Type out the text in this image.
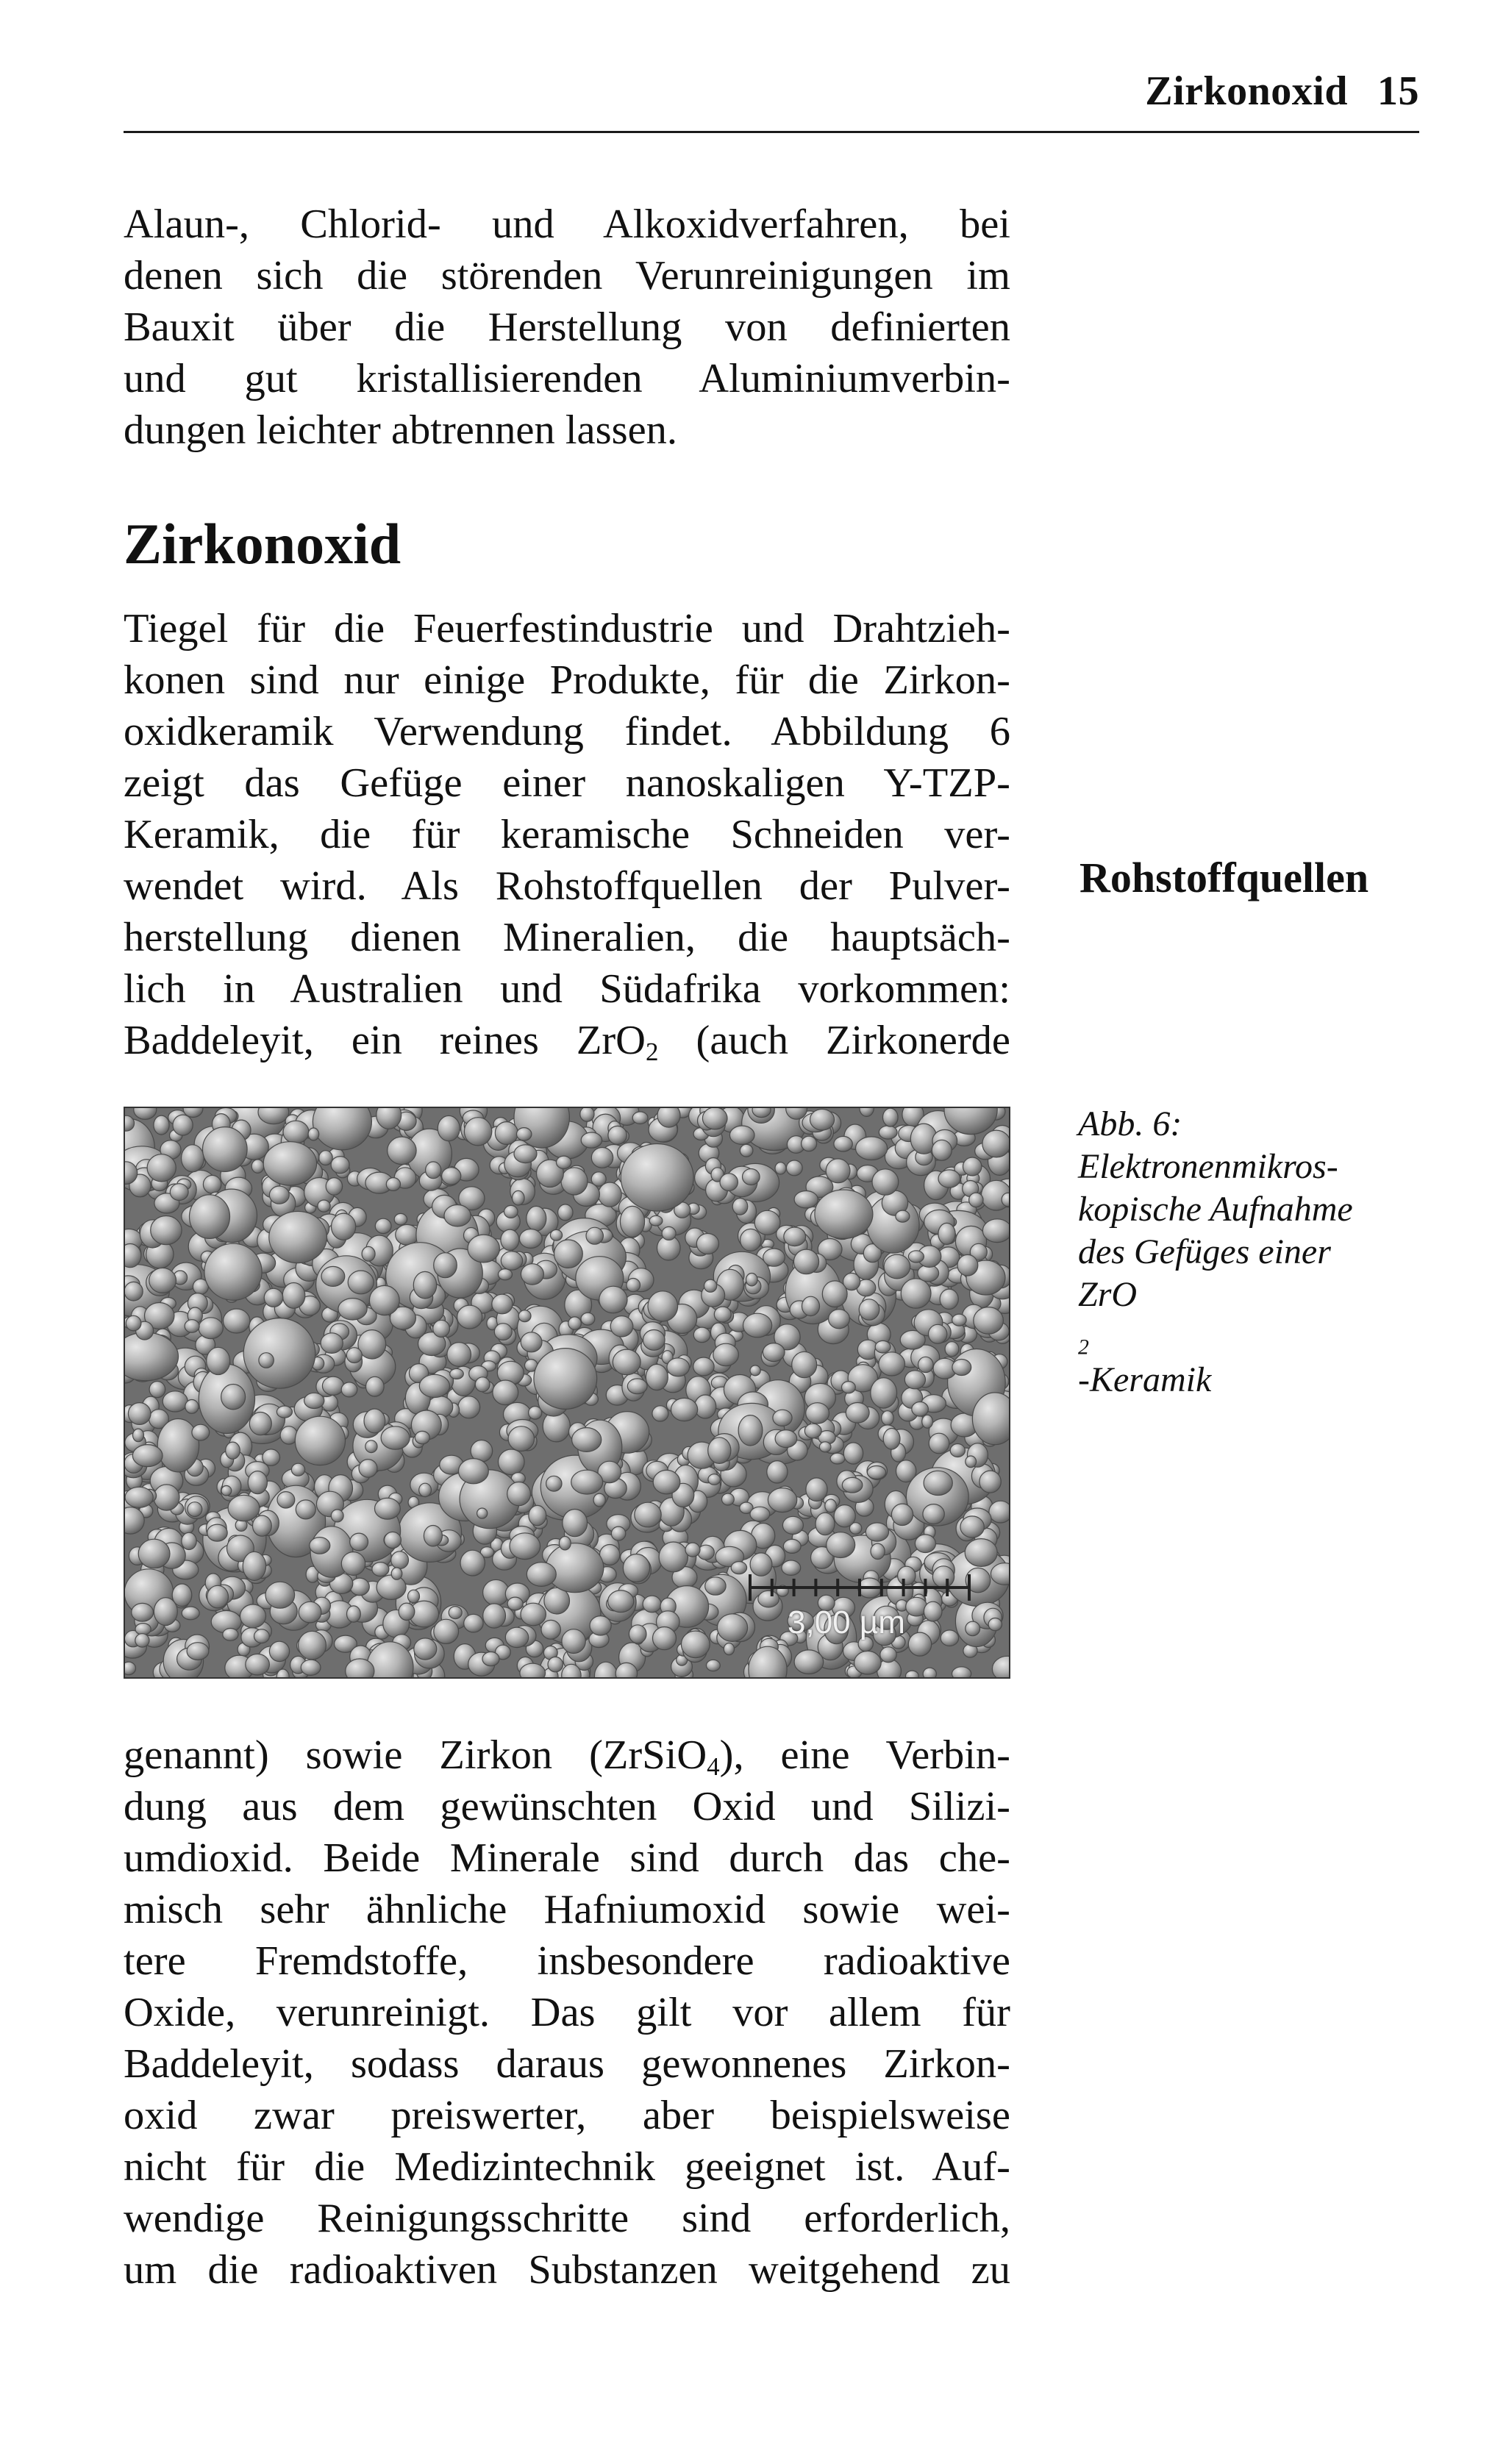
Zirkonoxid 15
Alaun-, Chlorid- und Alkoxidverfahren, bei
denen sich die störenden Verunreinigungen im
Bauxit über die Herstellung von definierten
und gut kristallisierenden Aluminiumverbin-
dungen leichter abtrennen lassen.
Zirkonoxid
Tiegel für die Feuerfestindustrie und Drahtzieh-
konen sind nur einige Produkte, für die Zirkon-
oxidkeramik Verwendung findet. Abbildung 6
zeigt das Gefüge einer nanoskaligen Y-TZP-
Keramik, die für keramische Schneiden ver-
wendet wird. Als Rohstoffquellen der Pulver-
herstellung dienen Mineralien, die hauptsäch-
lich in Australien und Südafrika vorkommen:
Baddeleyit, ein reines ZrO$_2$ (auch Zirkonerde
Rohstoffquellen
3,00 µm
Abb. 6:
Elektronenmikros-
kopische Aufnahme
des Gefüges einer
ZrO
$_2$
-Keramik
genannt) sowie Zirkon (ZrSiO$_4$), eine Verbin-
dung aus dem gewünschten Oxid und Silizi-
umdioxid. Beide Minerale sind durch das che-
misch sehr ähnliche Hafniumoxid sowie wei-
tere Fremdstoffe, insbesondere radioaktive
Oxide, verunreinigt. Das gilt vor allem für
Baddeleyit, sodass daraus gewonnenes Zirkon-
oxid zwar preiswerter, aber beispielsweise
nicht für die Medizintechnik geeignet ist. Auf-
wendige Reinigungsschritte sind erforderlich,
um die radioaktiven Substanzen weitgehend zu
